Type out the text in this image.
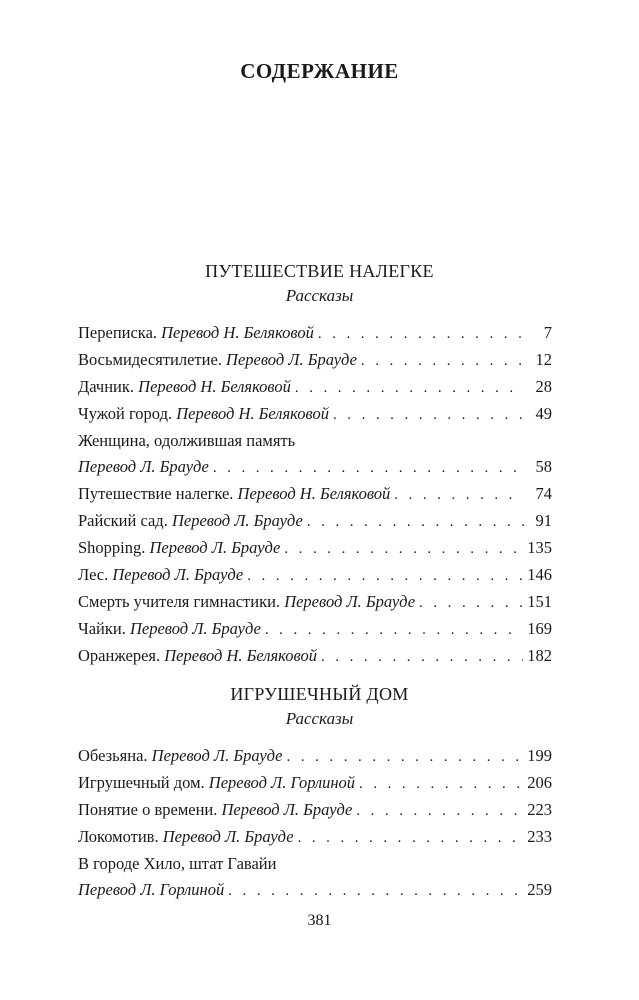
СОДЕРЖАНИЕ
ПУТЕШЕСТВИЕ НАЛЕГКЕ
Рассказы
Переписка. Перевод Н. Беляковой . . .	7
Восьмидесятилетие. Перевод Л. Брауде . . .	12
Дачник. Перевод Н. Беляковой . . .	28
Чужой город. Перевод Н. Беляковой . . .	49
Женщина, одолжившая память
Перевод Л. Брауде . . .	58
Путешествие налегке. Перевод Н. Беляковой . . .	74
Райский сад. Перевод Л. Брауде . . .	91
Shopping. Перевод Л. Брауде . . .	135
Лес. Перевод Л. Брауде . . .	146
Смерть учителя гимнастики. Перевод Л. Брауде . . .	151
Чайки. Перевод Л. Брауде . . .	169
Оранжерея. Перевод Н. Беляковой . . .	182
ИГРУШЕЧНЫЙ ДОМ
Рассказы
Обезьяна. Перевод Л. Брауде . . .	199
Игрушечный дом. Перевод Л. Горлиной . . .	206
Понятие о времени. Перевод Л. Брауде . . .	223
Локомотив. Перевод Л. Брауде . . .	233
В городе Хило, штат Гавайи
Перевод Л. Горлиной . . .	259
381
